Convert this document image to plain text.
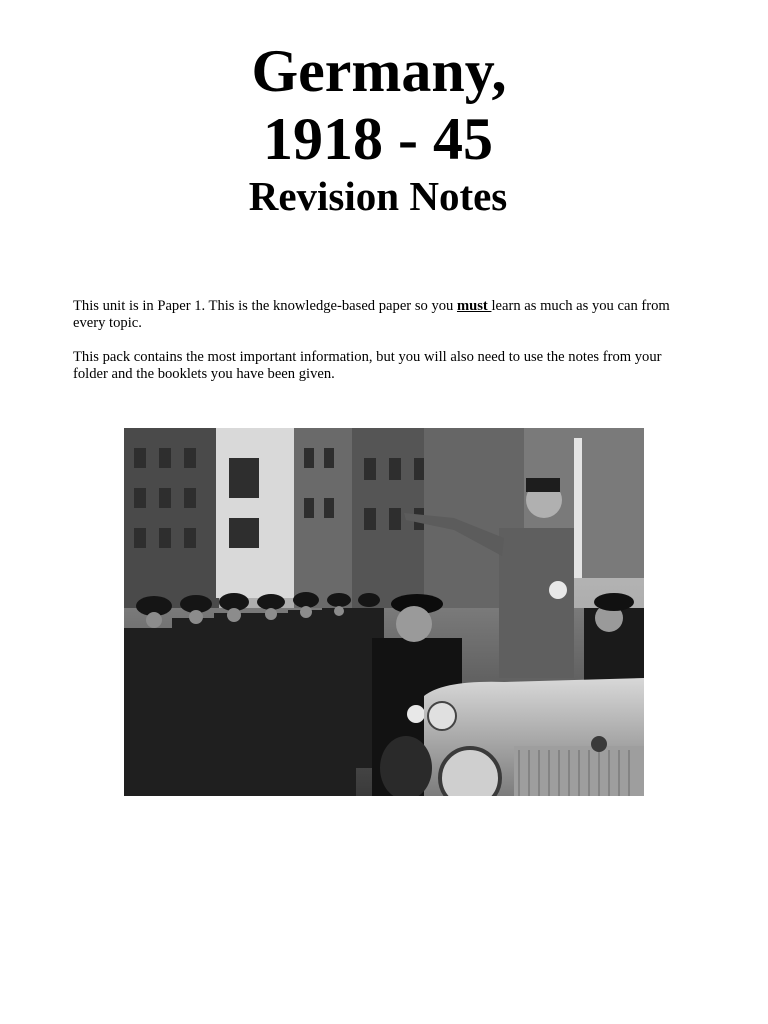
Germany,
1918 - 45
Revision Notes

This unit is in Paper 1. This is the knowledge-based paper so you must learn as much as you can from every topic.

This pack contains the most important information, but you will also need to use the notes from your folder and the booklets you have been given.
